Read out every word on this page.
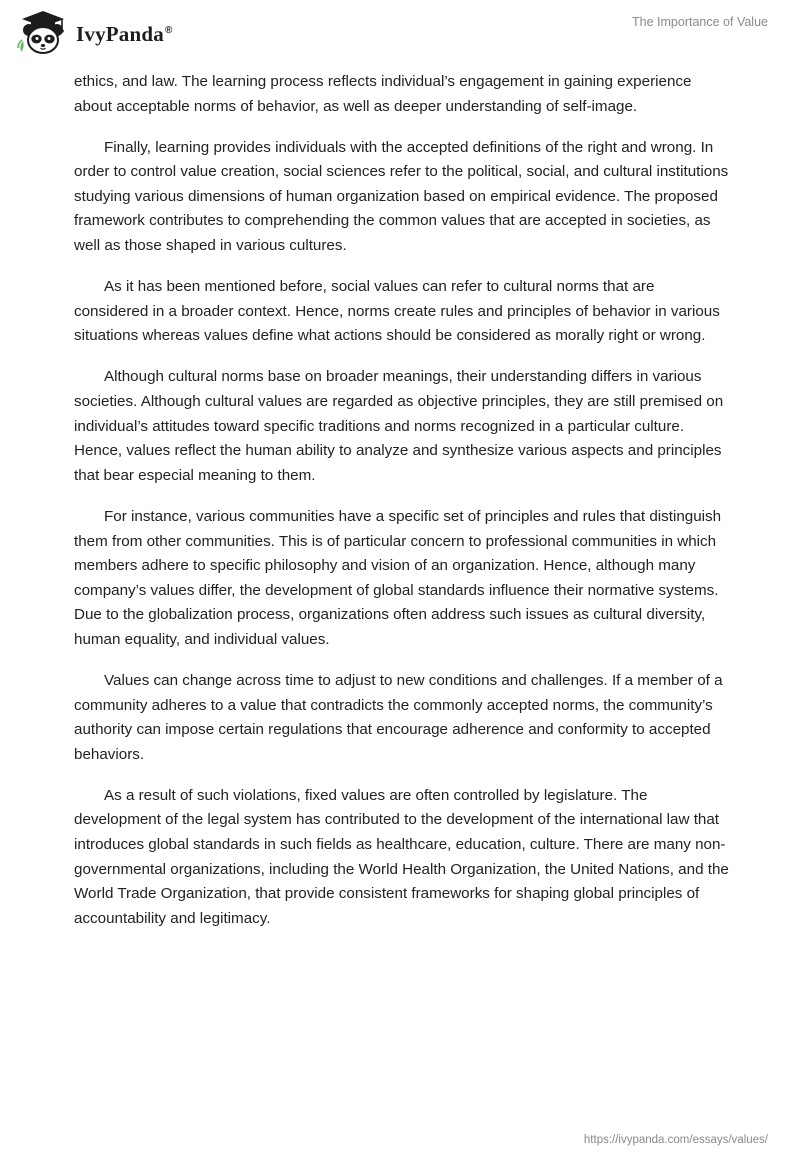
IvyPanda®
The Importance of Value

ethics, and law. The learning process reflects individual’s engagement in gaining experience about acceptable norms of behavior, as well as deeper understanding of self-image.

Finally, learning provides individuals with the accepted definitions of the right and wrong. In order to control value creation, social sciences refer to the political, social, and cultural institutions studying various dimensions of human organization based on empirical evidence. The proposed framework contributes to comprehending the common values that are accepted in societies, as well as those shaped in various cultures.

As it has been mentioned before, social values can refer to cultural norms that are considered in a broader context. Hence, norms create rules and principles of behavior in various situations whereas values define what actions should be considered as morally right or wrong.

Although cultural norms base on broader meanings, their understanding differs in various societies. Although cultural values are regarded as objective principles, they are still premised on individual’s attitudes toward specific traditions and norms recognized in a particular culture. Hence, values reflect the human ability to analyze and synthesize various aspects and principles that bear especial meaning to them.

For instance, various communities have a specific set of principles and rules that distinguish them from other communities. This is of particular concern to professional communities in which members adhere to specific philosophy and vision of an organization. Hence, although many company’s values differ, the development of global standards influence their normative systems. Due to the globalization process, organizations often address such issues as cultural diversity, human equality, and individual values.

Values can change across time to adjust to new conditions and challenges. If a member of a community adheres to a value that contradicts the commonly accepted norms, the community’s authority can impose certain regulations that encourage adherence and conformity to accepted behaviors.

As a result of such violations, fixed values are often controlled by legislature. The development of the legal system has contributed to the development of the international law that introduces global standards in such fields as healthcare, education, culture. There are many non-governmental organizations, including the World Health Organization, the United Nations, and the World Trade Organization, that provide consistent frameworks for shaping global principles of accountability and legitimacy.

https://ivypanda.com/essays/values/
